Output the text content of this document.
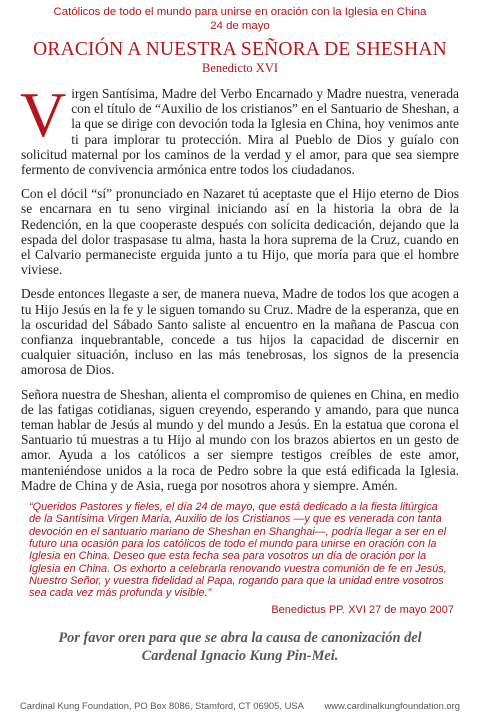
Católicos de todo el mundo para unirse en oración con la Iglesia en China
24 de mayo
ORACIÓN A NUESTRA SEÑORA DE SHESHAN
Benedicto XVI

Virgen Santísima, Madre del Verbo Encarnado y Madre nuestra, venerada con el título de “Auxilio de los cristianos” en el Santuario de Sheshan, a la que se dirige con devoción toda la Iglesia en China, hoy venimos ante ti para implorar tu protección. Mira al Pueblo de Dios y guíalo con solicitud maternal por los caminos de la verdad y el amor, para que sea siempre fermento de convivencia armónica entre todos los ciudadanos.

Con el dócil “sí” pronunciado en Nazaret tú aceptaste que el Hijo eterno de Dios se encarnara en tu seno virginal iniciando así en la historia la obra de la Redención, en la que cooperaste después con solícita dedicación, dejando que la espada del dolor traspasase tu alma, hasta la hora suprema de la Cruz, cuando en el Calvario permaneciste erguida junto a tu Hijo, que moría para que el hombre viviese.

Desde entonces llegaste a ser, de manera nueva, Madre de todos los que acogen a tu Hijo Jesús en la fe y le siguen tomando su Cruz. Madre de la esperanza, que en la oscuridad del Sábado Santo saliste al encuentro en la mañana de Pascua con confianza inquebrantable, concede a tus hijos la capacidad de discernir en cualquier situación, incluso en las más tenebrosas, los signos de la presencia amorosa de Dios.

Señora nuestra de Sheshan, alienta el compromiso de quienes en China, en medio de las fatigas cotidianas, siguen creyendo, esperando y amando, para que nunca teman hablar de Jesús al mundo y del mundo a Jesús. En la estatua que corona el Santuario tú muestras a tu Hijo al mundo con los brazos abiertos en un gesto de amor. Ayuda a los católicos a ser siempre testigos creíbles de este amor, manteniéndose unidos a la roca de Pedro sobre la que está edificada la Iglesia. Madre de China y de Asia, ruega por nosotros ahora y siempre. Amén.

“Queridos Pastores y fieles, el día 24 de mayo, que está dedicado a la fiesta litúrgica de la Santísima Virgen María, Auxilio de los Cristianos —y que es venerada con tanta devoción en el santuario mariano de Sheshan en Shanghai—, podría llegar a ser en el futuro una ocasión para los católicos de todo el mundo para unirse en oración con la Iglesia en China. Deseo que esta fecha sea para vosotros un día de oración por la Iglesia en China. Os exhorto a celebrarla renovando vuestra comunión de fe en Jesús, Nuestro Señor, y vuestra fidelidad al Papa, rogando para que la unidad entre vosotros sea cada vez más profunda y visible.”
Benedictus PP. XVI 27 de mayo 2007
Por favor oren para que se abra la causa de canonización del
Cardenal Ignacio Kung Pin-Mei.
Cardinal Kung Foundation, PO Box 8086, Stamford, CT 06905, USA www.cardinalkungfoundation.org
